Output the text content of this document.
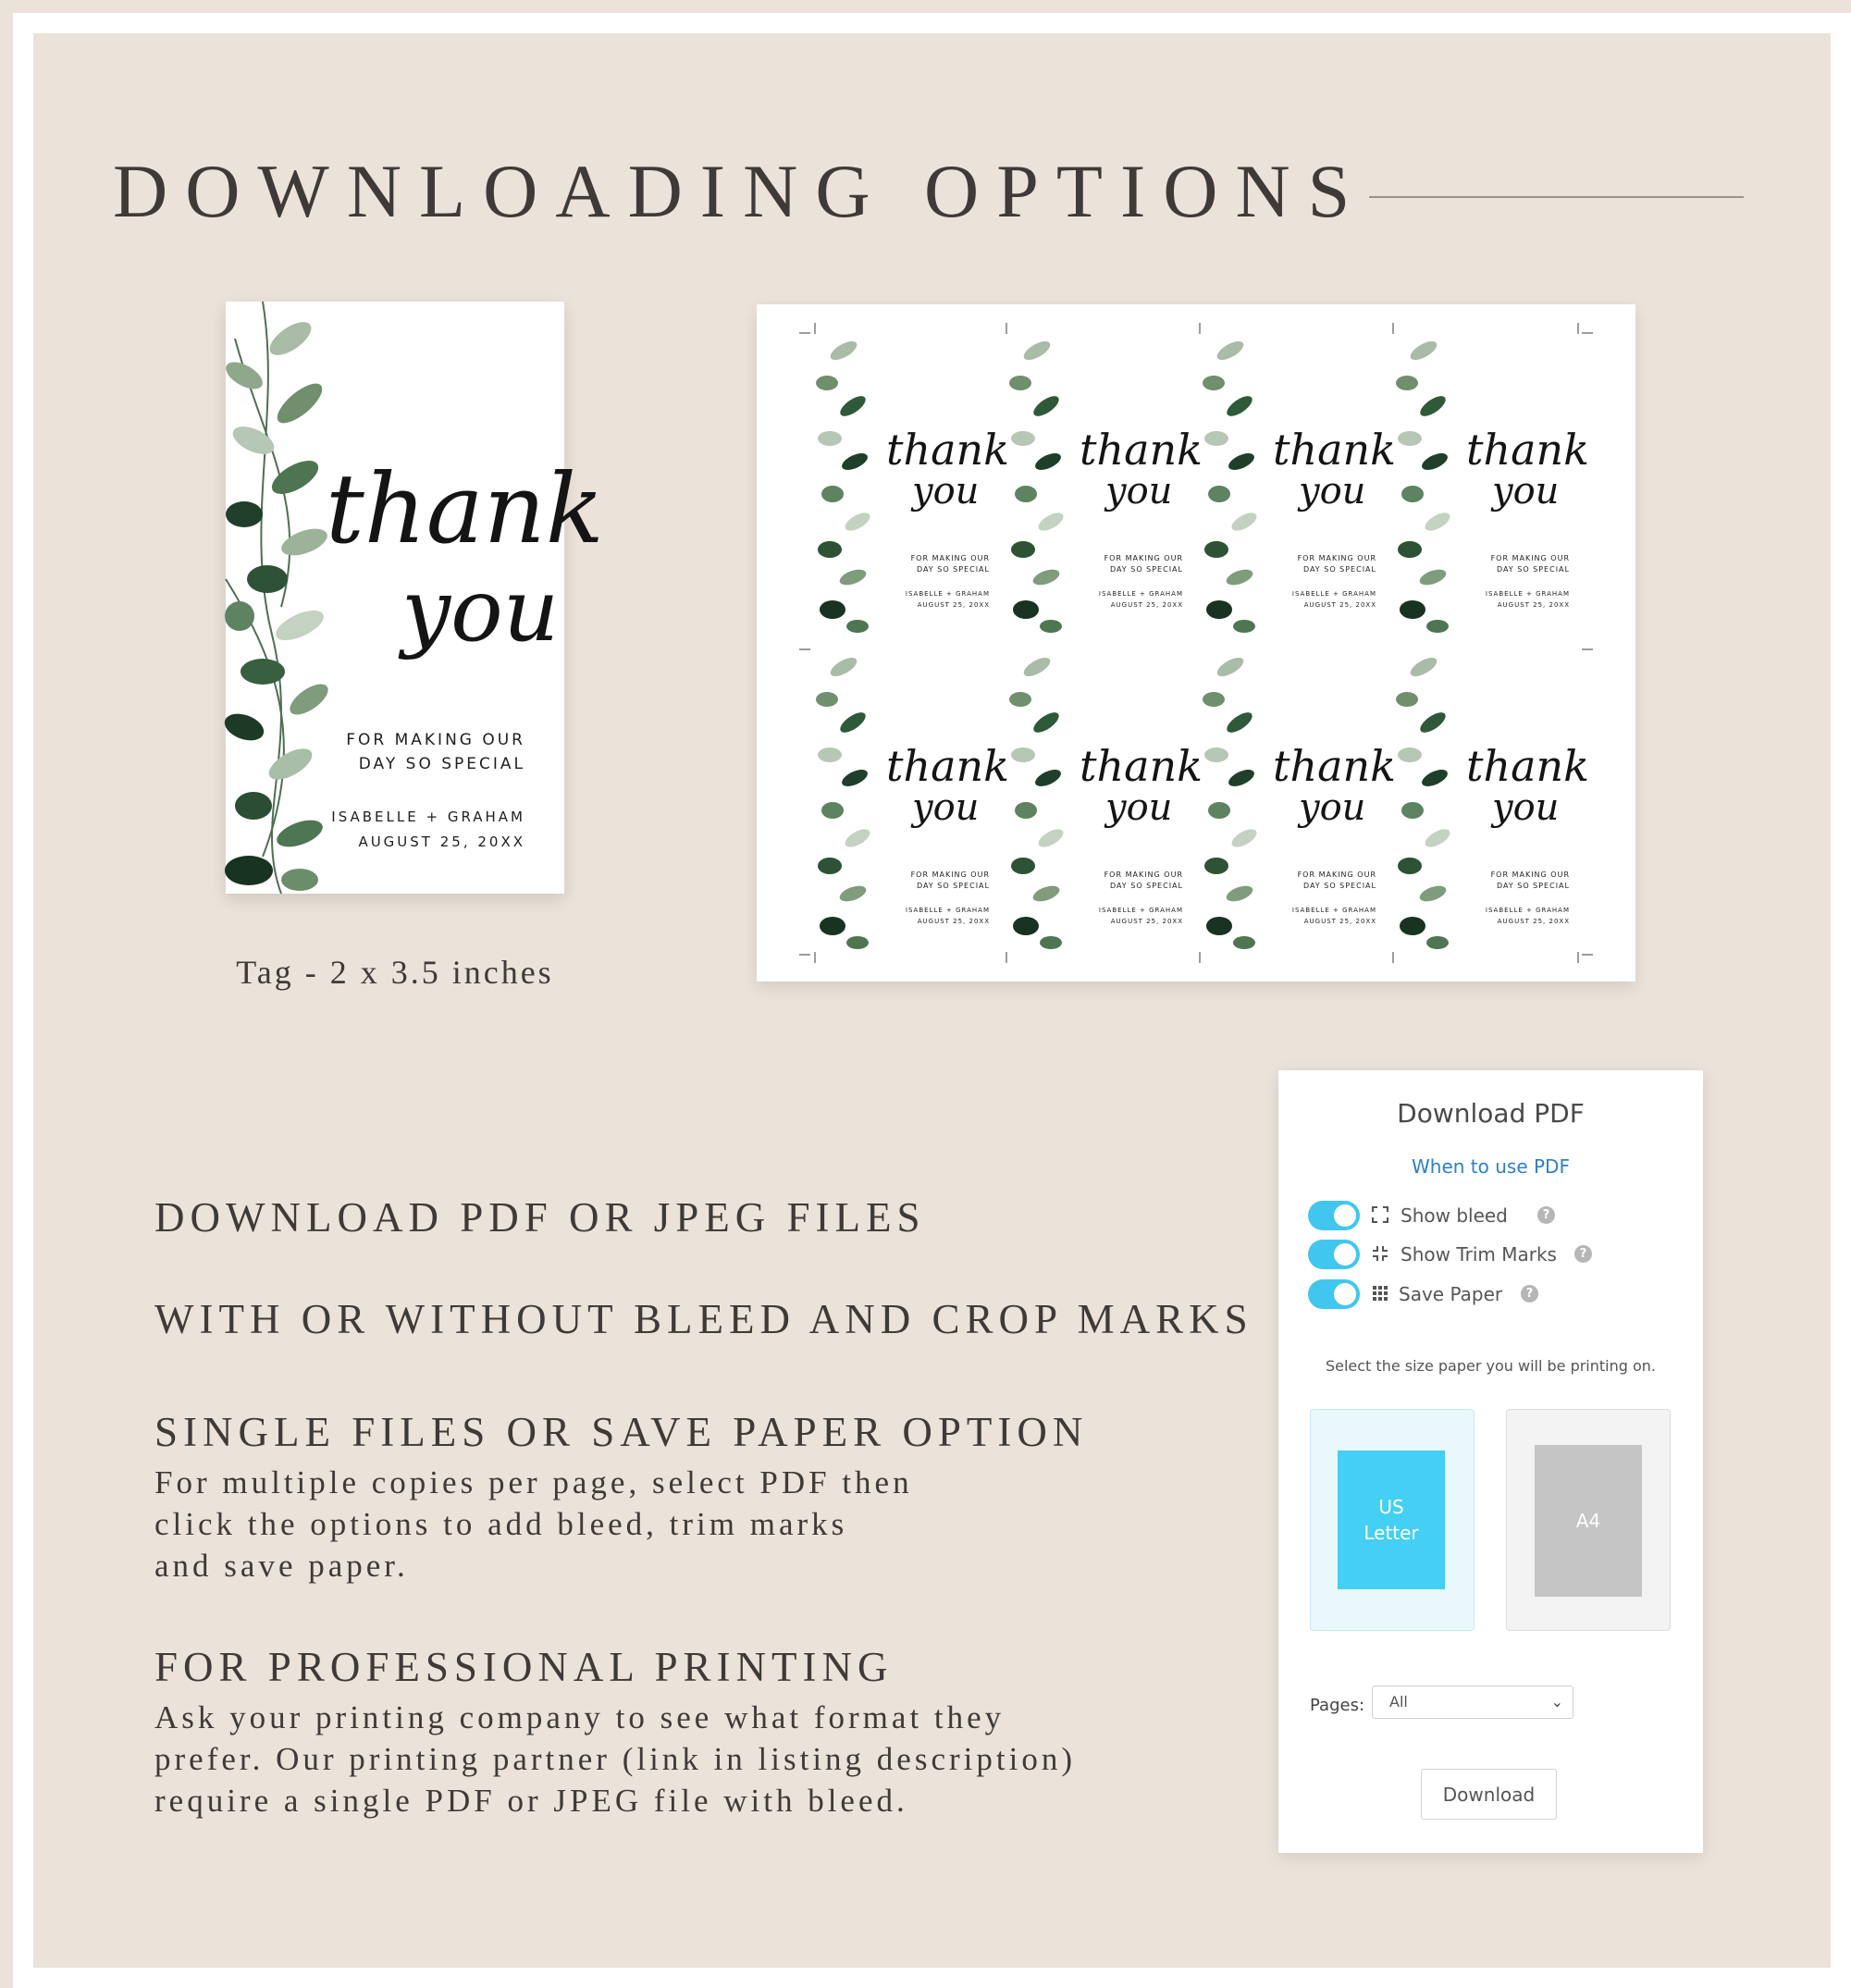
DOWNLOADING OPTIONS
thank
you
FOR MAKING OUR
DAY SO SPECIAL
ISABELLE + GRAHAM
AUGUST 25, 20XX
Tag - 2 x 3.5 inches
thank
you
FOR MAKING OUR
DAY SO SPECIAL
ISABELLE + GRAHAM
AUGUST 25, 20XX
thank
you
FOR MAKING OUR
DAY SO SPECIAL
ISABELLE + GRAHAM
AUGUST 25, 20XX
thank
you
FOR MAKING OUR
DAY SO SPECIAL
ISABELLE + GRAHAM
AUGUST 25, 20XX
thank
you
FOR MAKING OUR
DAY SO SPECIAL
ISABELLE + GRAHAM
AUGUST 25, 20XX
thank
you
FOR MAKING OUR
DAY SO SPECIAL
ISABELLE + GRAHAM
AUGUST 25, 20XX
thank
you
FOR MAKING OUR
DAY SO SPECIAL
ISABELLE + GRAHAM
AUGUST 25, 20XX
thank
you
FOR MAKING OUR
DAY SO SPECIAL
ISABELLE + GRAHAM
AUGUST 25, 20XX
thank
you
FOR MAKING OUR
DAY SO SPECIAL
ISABELLE + GRAHAM
AUGUST 25, 20XX
DOWNLOAD PDF OR JPEG FILES
WITH OR WITHOUT BLEED AND CROP MARKS
SINGLE FILES OR SAVE PAPER OPTION

For multiple copies per page, select PDF then

click the options to add bleed, trim marks

and save paper.

FOR PROFESSIONAL PRINTING

Ask your printing company to see what format they

prefer. Our printing partner (link in listing description)

require a single PDF or JPEG file with bleed.

Download PDF
When to use PDF
Show bleed	?
Show Trim Marks	?
Save Paper	?
Select the size paper you will be printing on.
US
Letter
A4
Pages:	All	⌄
Download
